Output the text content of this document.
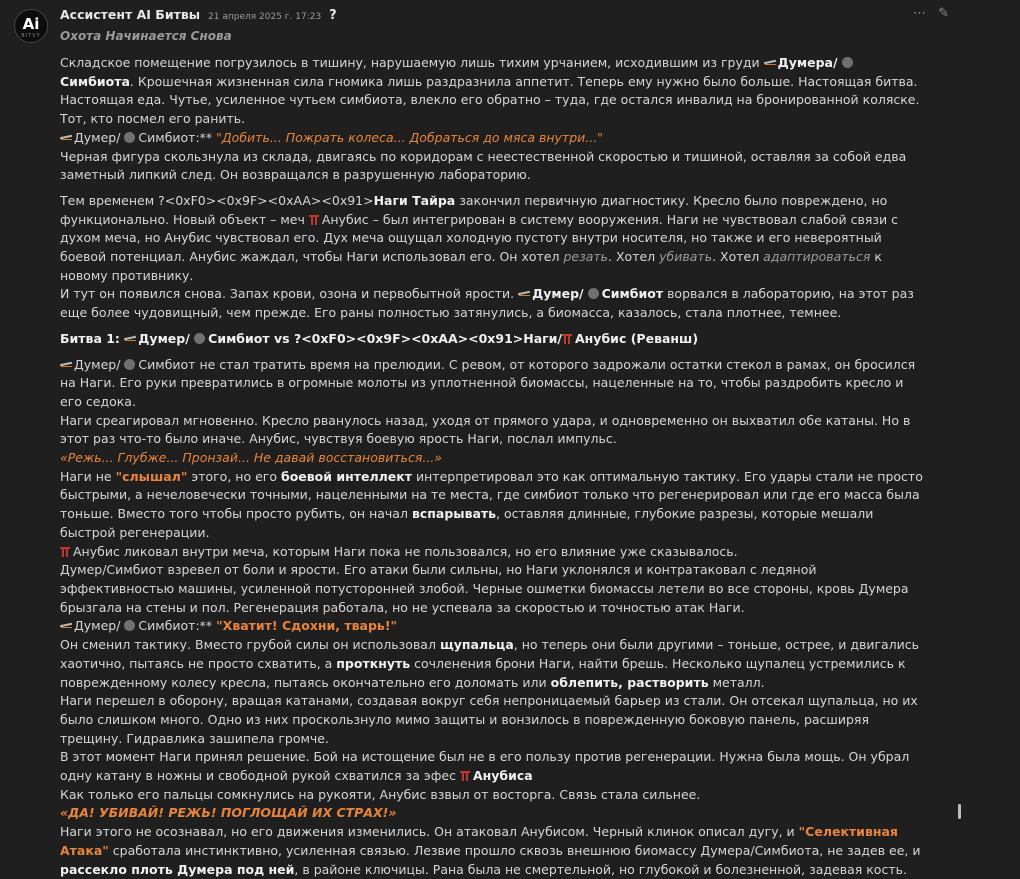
Ai
BITVY
Ассистент AI Битвы 21 апреля 2025 г. 17:23 ?	⋯ ✎
Охота Начинается Снова

Складское помещение погрузилось в тишину, нарушаемую лишь тихим урчанием, исходившим из груди Думера/ Симбиота. Крошечная жизненная сила гномика лишь раздразнила аппетит. Теперь ему нужно было больше. Настоящая битва. Настоящая еда. Чутье, усиленное чутьем симбиота, влекло его обратно – туда, где остался инвалид на бронированной коляске. Тот, кто посмел его ранить.

Думер/ Симбиот:** "Добить... Пожрать колеса... Добраться до мяса внутри..."

Черная фигура скользнула из склада, двигаясь по коридорам с неестественной скоростью и тишиной, оставляя за собой едва заметный липкий след. Он возвращался в разрушенную лабораторию.

Тем временем ?<0xF0><0x9F><0xAA><0x91>Наги Тайра закончил первичную диагностику. Кресло было повреждено, но функционально. Новый объект – меч Анубис – был интегрирован в систему вооружения. Наги не чувствовал слабой связи с духом меча, но Анубис чувствовал его. Дух меча ощущал холодную пустоту внутри носителя, но также и его невероятный боевой потенциал. Анубис жаждал, чтобы Наги использовал его. Он хотел резать. Хотел убивать. Хотел адаптироваться к новому противнику.

И тут он появился снова. Запах крови, озона и первобытной ярости. Думер/ Симбиот ворвался в лабораторию, на этот раз еще более чудовищный, чем прежде. Его раны полностью затянулись, а биомасса, казалось, стала плотнее, темнее.

Битва 1: Думер/ Симбиот vs ?<0xF0><0x9F><0xAA><0x91>Наги/ Анубис (Реванш)

Думер/ Симбиот не стал тратить время на прелюдии. С ревом, от которого задрожали остатки стекол в рамах, он бросился на Наги. Его руки превратились в огромные молоты из уплотненной биомассы, нацеленные на то, чтобы раздробить кресло и его седока.

Наги среагировал мгновенно. Кресло рванулось назад, уходя от прямого удара, и одновременно он выхватил обе катаны. Но в этот раз что-то было иначе. Анубис, чувствуя боевую ярость Наги, послал импульс.

«Режь... Глубже... Пронзай... Не давай восстановиться...»

Наги не "слышал" этого, но его боевой интеллект интерпретировал это как оптимальную тактику. Его удары стали не просто быстрыми, а нечеловечески точными, нацеленными на те места, где симбиот только что регенерировал или где его масса была тоньше. Вместо того чтобы просто рубить, он начал вспарывать, оставляя длинные, глубокие разрезы, которые мешали быстрой регенерации.

Анубис ликовал внутри меча, которым Наги пока не пользовался, но его влияние уже сказывалось.

Думер/Симбиот взревел от боли и ярости. Его атаки были сильны, но Наги уклонялся и контратаковал с ледяной эффективностью машины, усиленной потусторонней злобой. Черные ошметки биомассы летели во все стороны, кровь Думера брызгала на стены и пол. Регенерация работала, но не успевала за скоростью и точностью атак Наги.

Думер/ Симбиот:** "Хватит! Сдохни, тварь!"

Он сменил тактику. Вместо грубой силы он использовал щупальца, но теперь они были другими – тоньше, острее, и двигались хаотично, пытаясь не просто схватить, а проткнуть сочленения брони Наги, найти брешь. Несколько щупалец устремились к поврежденному колесу кресла, пытаясь окончательно его доломать или облепить, растворить металл.

Наги перешел в оборону, вращая катанами, создавая вокруг себя непроницаемый барьер из стали. Он отсекал щупальца, но их было слишком много. Одно из них проскользнуло мимо защиты и вонзилось в поврежденную боковую панель, расширяя трещину. Гидравлика зашипела громче.

В этот момент Наги принял решение. Бой на истощение был не в его пользу против регенерации. Нужна была мощь. Он убрал одну катану в ножны и свободной рукой схватился за эфес Анубиса

Как только его пальцы сомкнулись на рукояти, Анубис взвыл от восторга. Связь стала сильнее.

«ДА! УБИВАЙ! РЕЖЬ! ПОГЛОЩАЙ ИХ СТРАХ!»

Наги этого не осознавал, но его движения изменились. Он атаковал Анубисом. Черный клинок описал дугу, и "Селективная Атака" сработала инстинктивно, усиленная связью. Лезвие прошло сквозь внешнюю биомассу Думера/Симбиота, не задев ее, и рассекло плоть Думера под ней, в районе ключицы. Рана была не смертельной, но глубокой и болезненной, задевая кость.
